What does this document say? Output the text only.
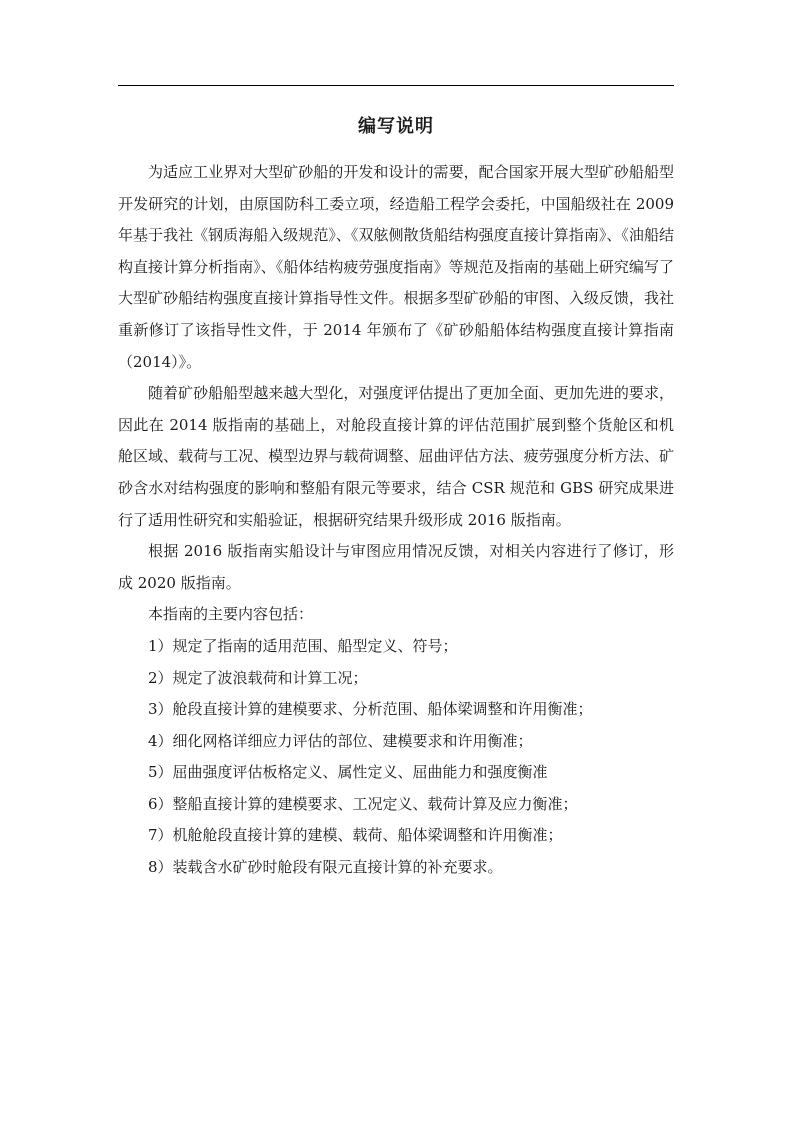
编写说明

为适应工业界对大型矿砂船的开发和设计的需要，配合国家开展大型矿砂船船型开发研究的计划，由原国防科工委立项，经造船工程学会委托，中国船级社在 2009 年基于我社《钢质海船入级规范》、《双舷侧散货船结构强度直接计算指南》、《油船结构直接计算分析指南》、《船体结构疲劳强度指南》等规范及指南的基础上研究编写了大型矿砂船结构强度直接计算指导性文件。根据多型矿砂船的审图、入级反馈，我社重新修订了该指导性文件，于 2014 年颁布了《矿砂船船体结构强度直接计算指南（2014）》。

随着矿砂船船型越来越大型化，对强度评估提出了更加全面、更加先进的要求，因此在 2014 版指南的基础上，对舱段直接计算的评估范围扩展到整个货舱区和机舱区域、载荷与工况、模型边界与载荷调整、屈曲评估方法、疲劳强度分析方法、矿砂含水对结构强度的影响和整船有限元等要求，结合 CSR 规范和 GBS 研究成果进行了适用性研究和实船验证，根据研究结果升级形成 2016 版指南。

根据 2016 版指南实船设计与审图应用情况反馈，对相关内容进行了修订，形成 2020 版指南。

本指南的主要内容包括：

1）规定了指南的适用范围、船型定义、符号；

2）规定了波浪载荷和计算工况；

3）舱段直接计算的建模要求、分析范围、船体梁调整和许用衡准；

4）细化网格详细应力评估的部位、建模要求和许用衡准；

5）屈曲强度评估板格定义、属性定义、屈曲能力和强度衡准

6）整船直接计算的建模要求、工况定义、载荷计算及应力衡准；

7）机舱舱段直接计算的建模、载荷、船体梁调整和许用衡准；

8）装载含水矿砂时舱段有限元直接计算的补充要求。
